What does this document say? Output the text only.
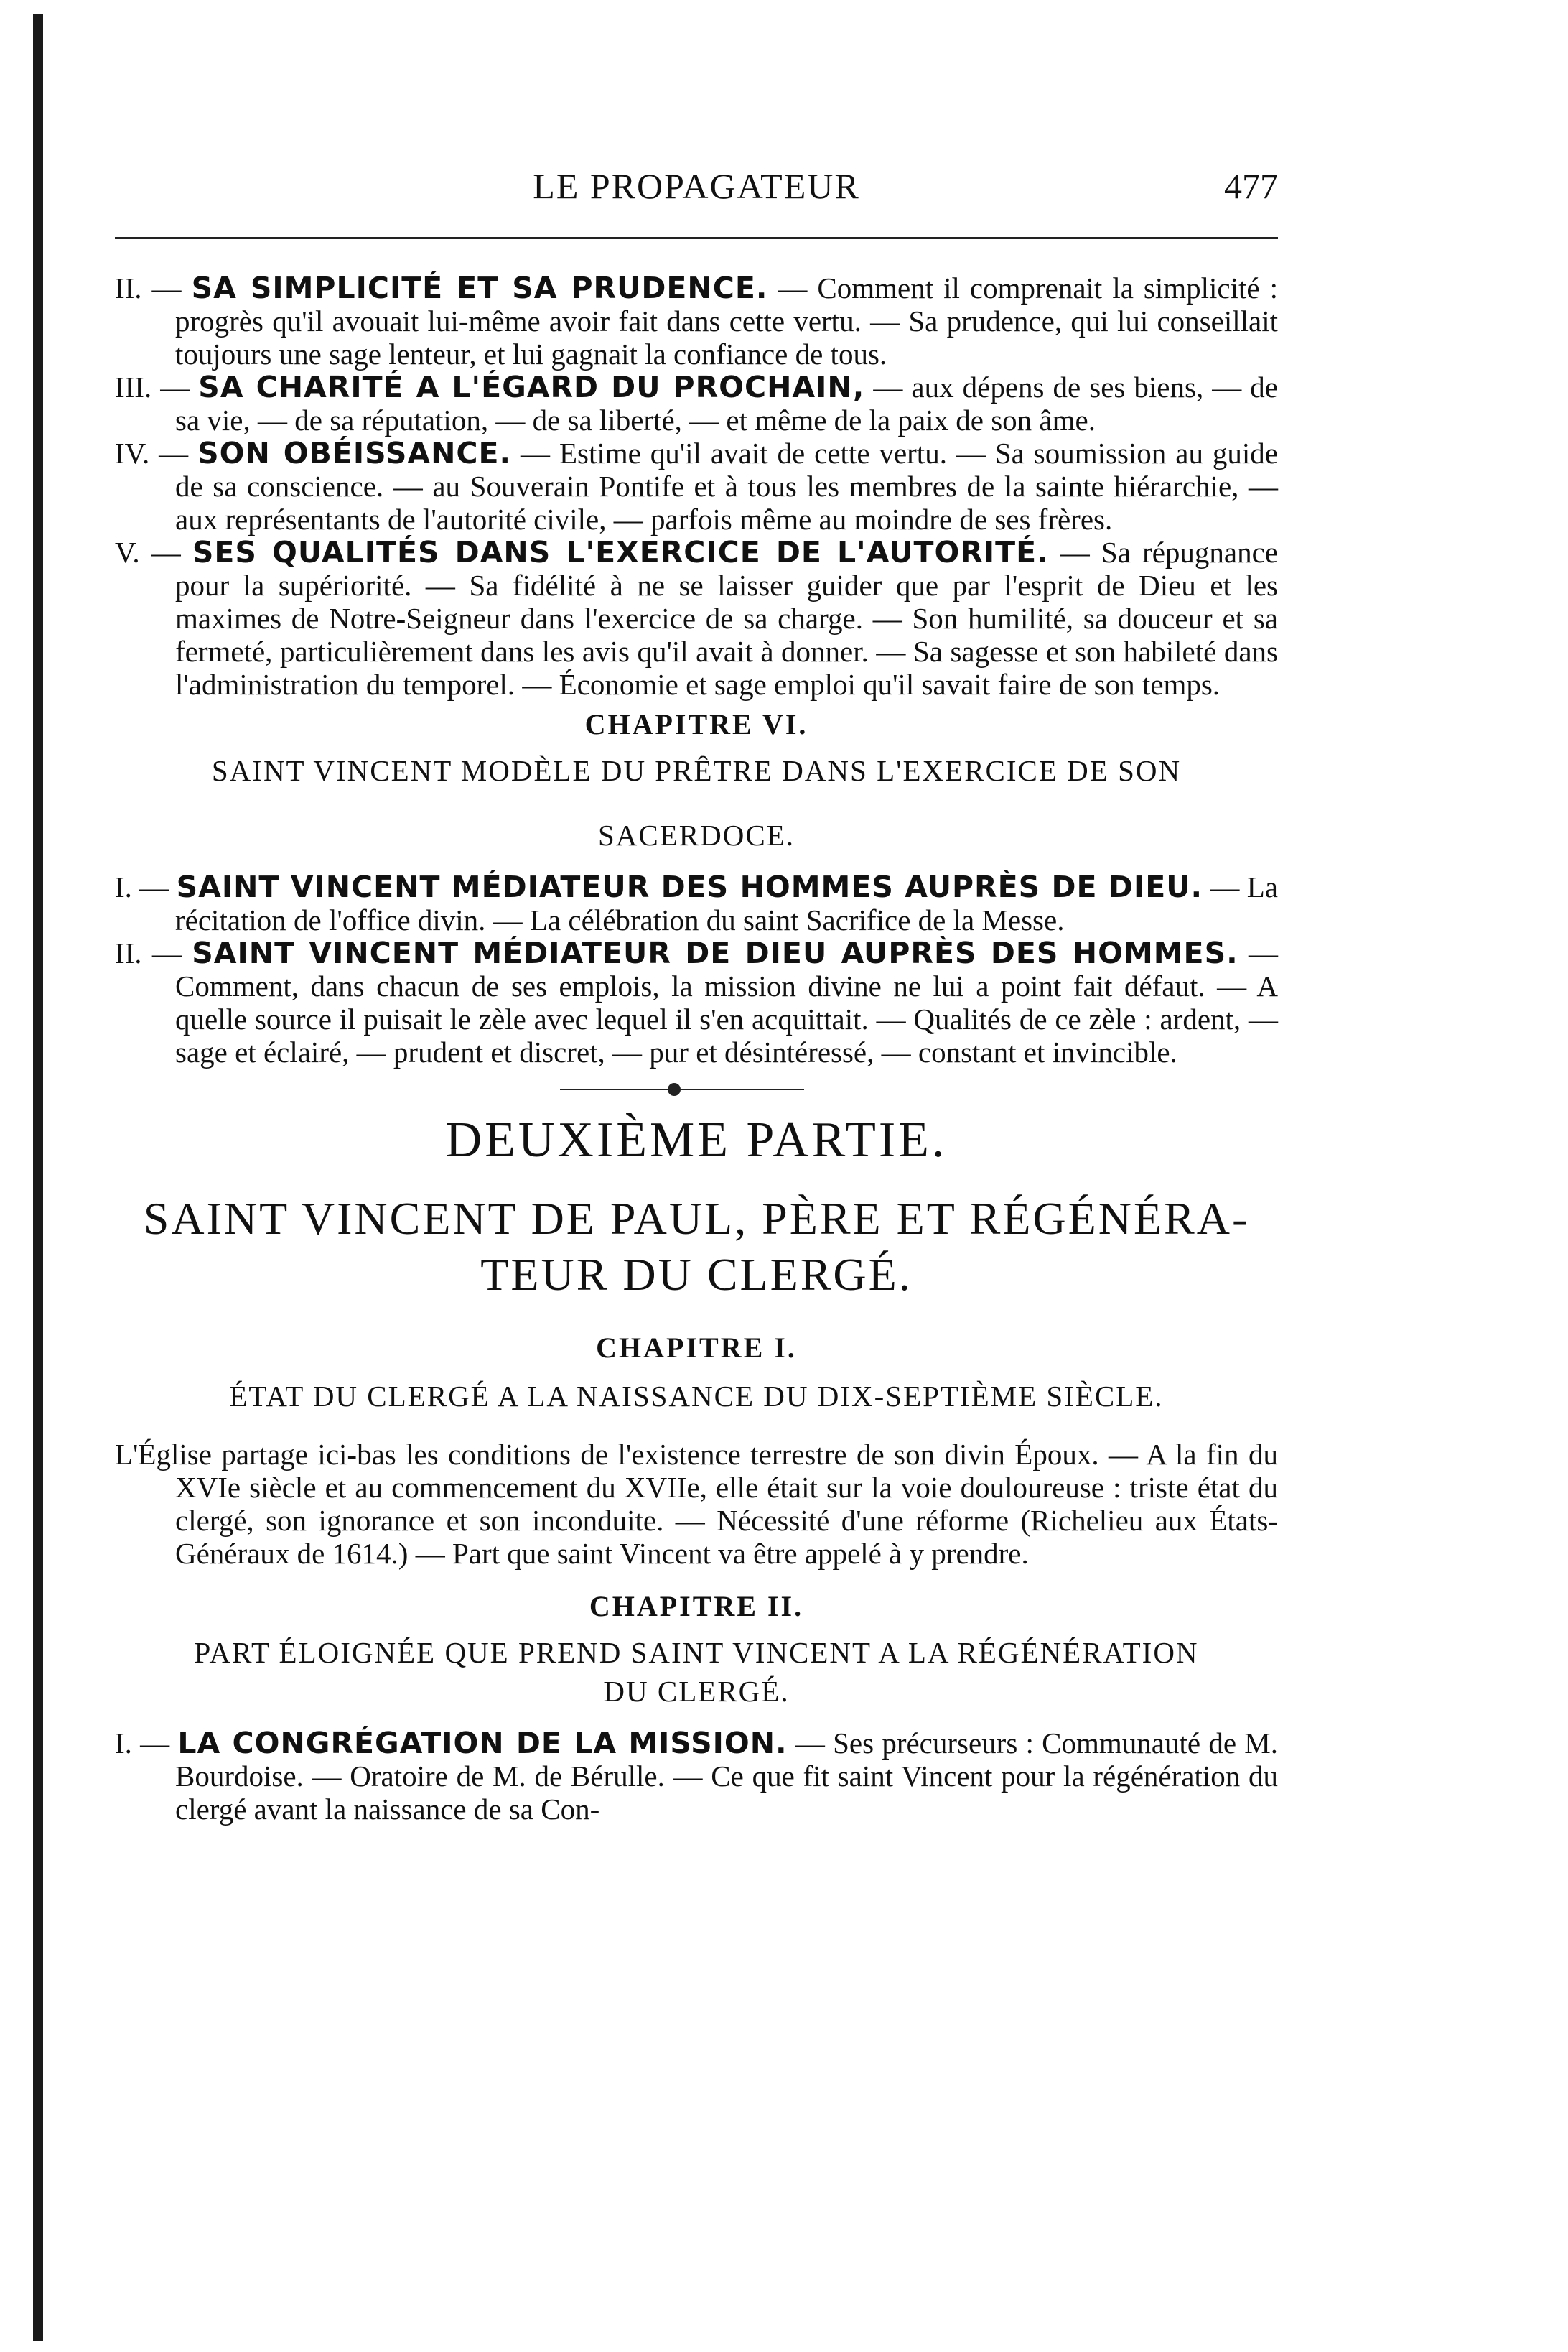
LE PROPAGATEUR	477
II. — SA SIMPLICITÉ ET SA PRUDENCE. — Comment il comprenait la simplicité : progrès qu'il avouait lui-même avoir fait dans cette vertu. — Sa prudence, qui lui conseillait toujours une sage lenteur, et lui gagnait la confiance de tous.
III. — SA CHARITÉ A L'ÉGARD DU PROCHAIN, — aux dépens de ses biens, — de sa vie, — de sa réputation, — de sa liberté, — et même de la paix de son âme.
IV. — SON OBÉISSANCE. — Estime qu'il avait de cette vertu. — Sa soumission au guide de sa conscience. — au Souverain Pontife et à tous les membres de la sainte hiérarchie, — aux représentants de l'autorité civile, — parfois même au moindre de ses frères.
V. — SES QUALITÉS DANS L'EXERCICE DE L'AUTORITÉ. — Sa répugnance pour la supériorité. — Sa fidélité à ne se laisser guider que par l'esprit de Dieu et les maximes de Notre-Seigneur dans l'exercice de sa charge. — Son humilité, sa douceur et sa fermeté, particulièrement dans les avis qu'il avait à donner. — Sa sagesse et son habileté dans l'administration du temporel. — Économie et sage emploi qu'il savait faire de son temps.
CHAPITRE VI.
SAINT VINCENT MODÈLE DU PRÊTRE DANS L'EXERCICE DE SON
SACERDOCE.
I. — SAINT VINCENT MÉDIATEUR DES HOMMES AUPRÈS DE DIEU. — La récitation de l'office divin. — La célébration du saint Sacrifice de la Messe.
II. — SAINT VINCENT MÉDIATEUR DE DIEU AUPRÈS DES HOMMES. — Comment, dans chacun de ses emplois, la mission divine ne lui a point fait défaut. — A quelle source il puisait le zèle avec lequel il s'en acquittait. — Qualités de ce zèle : ardent, — sage et éclairé, — prudent et discret, — pur et désintéressé, — constant et invincible.
DEUXIÈME PARTIE.
SAINT VINCENT DE PAUL, PÈRE ET RÉGÉNÉRA-
TEUR DU CLERGÉ.
CHAPITRE I.
ÉTAT DU CLERGÉ A LA NAISSANCE DU DIX-SEPTIÈME SIÈCLE.
L'Église partage ici-bas les conditions de l'existence terrestre de son divin Époux. — A la fin du XVIe siècle et au commencement du XVIIe, elle était sur la voie douloureuse : triste état du clergé, son ignorance et son inconduite. — Nécessité d'une réforme (Richelieu aux États-Généraux de 1614.) — Part que saint Vincent va être appelé à y prendre.
CHAPITRE II.
PART ÉLOIGNÉE QUE PREND SAINT VINCENT A LA RÉGÉNÉRATION
DU CLERGÉ.
I. — LA CONGRÉGATION DE LA MISSION. — Ses précurseurs : Communauté de M. Bourdoise. — Oratoire de M. de Bérulle. — Ce que fit saint Vincent pour la régénération du clergé avant la naissance de sa Con-
